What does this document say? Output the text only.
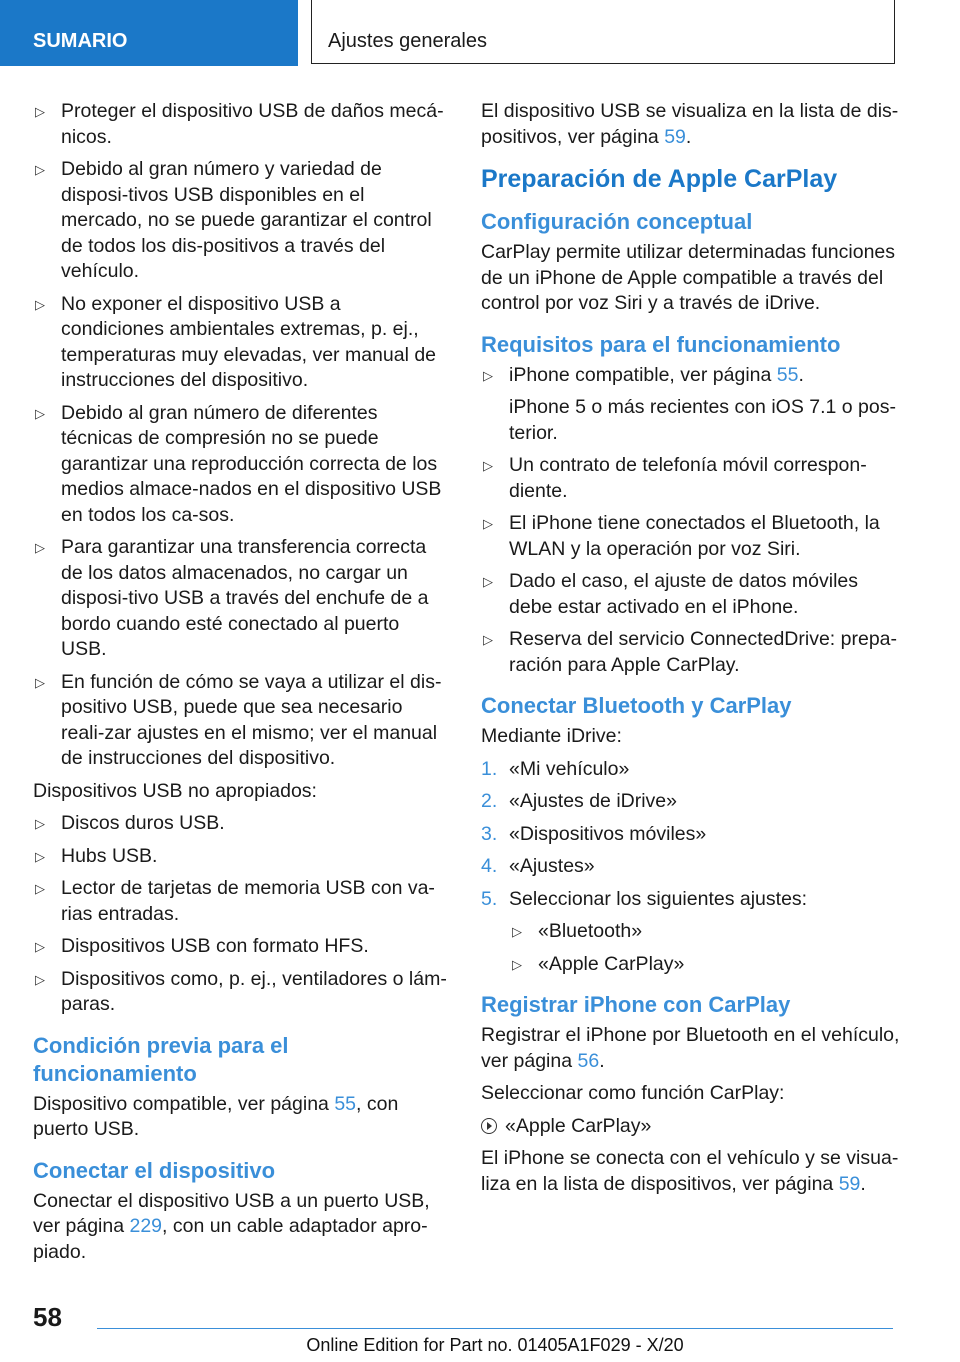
SUMARIO	Ajustes generales
▷ Proteger el dispositivo USB de daños mecá-nicos.
▷ Debido al gran número y variedad de disposi-tivos USB disponibles en el mercado, no se puede garantizar el control de todos los dis-positivos a través del vehículo.
▷ No exponer el dispositivo USB a condiciones ambientales extremas, p. ej., temperaturas muy elevadas, ver manual de instrucciones del dispositivo.
▷ Debido al gran número de diferentes técnicas de compresión no se puede garantizar una reproducción correcta de los medios almace-nados en el dispositivo USB en todos los ca-sos.
▷ Para garantizar una transferencia correcta de los datos almacenados, no cargar un disposi-tivo USB a través del enchufe de a bordo cuando esté conectado al puerto USB.
▷ En función de cómo se vaya a utilizar el dis-positivo USB, puede que sea necesario reali-zar ajustes en el mismo; ver el manual de instrucciones del dispositivo.
Dispositivos USB no apropiados:
▷ Discos duros USB.
▷ Hubs USB.
▷ Lector de tarjetas de memoria USB con va-rias entradas.
▷ Dispositivos USB con formato HFS.
▷ Dispositivos como, p. ej., ventiladores o lám-paras.
Condición previa para el funcionamiento
Dispositivo compatible, ver página 55, con puerto USB.
Conectar el dispositivo
Conectar el dispositivo USB a un puerto USB, ver página 229, con un cable adaptador apro-piado.
El dispositivo USB se visualiza en la lista de dis-positivos, ver página 59.
Preparación de Apple CarPlay
Configuración conceptual
CarPlay permite utilizar determinadas funciones de un iPhone de Apple compatible a través del control por voz Siri y a través de iDrive.
Requisitos para el funcionamiento
▷ iPhone compatible, ver página 55.
iPhone 5 o más recientes con iOS 7.1 o pos-terior.
▷ Un contrato de telefonía móvil correspon-diente.
▷ El iPhone tiene conectados el Bluetooth, la WLAN y la operación por voz Siri.
▷ Dado el caso, el ajuste de datos móviles debe estar activado en el iPhone.
▷ Reserva del servicio ConnectedDrive: prepa-ración para Apple CarPlay.
Conectar Bluetooth y CarPlay
Mediante iDrive:
1. «Mi vehículo»
2. «Ajustes de iDrive»
3. «Dispositivos móviles»
4. «Ajustes»
5. Seleccionar los siguientes ajustes:
▷ «Bluetooth»
▷ «Apple CarPlay»
Registrar iPhone con CarPlay
Registrar el iPhone por Bluetooth en el vehículo, ver página 56.
Seleccionar como función CarPlay:
«Apple CarPlay»
El iPhone se conecta con el vehículo y se visua-liza en la lista de dispositivos, ver página 59.
58
Online Edition for Part no. 01405A1F029 - X/20
